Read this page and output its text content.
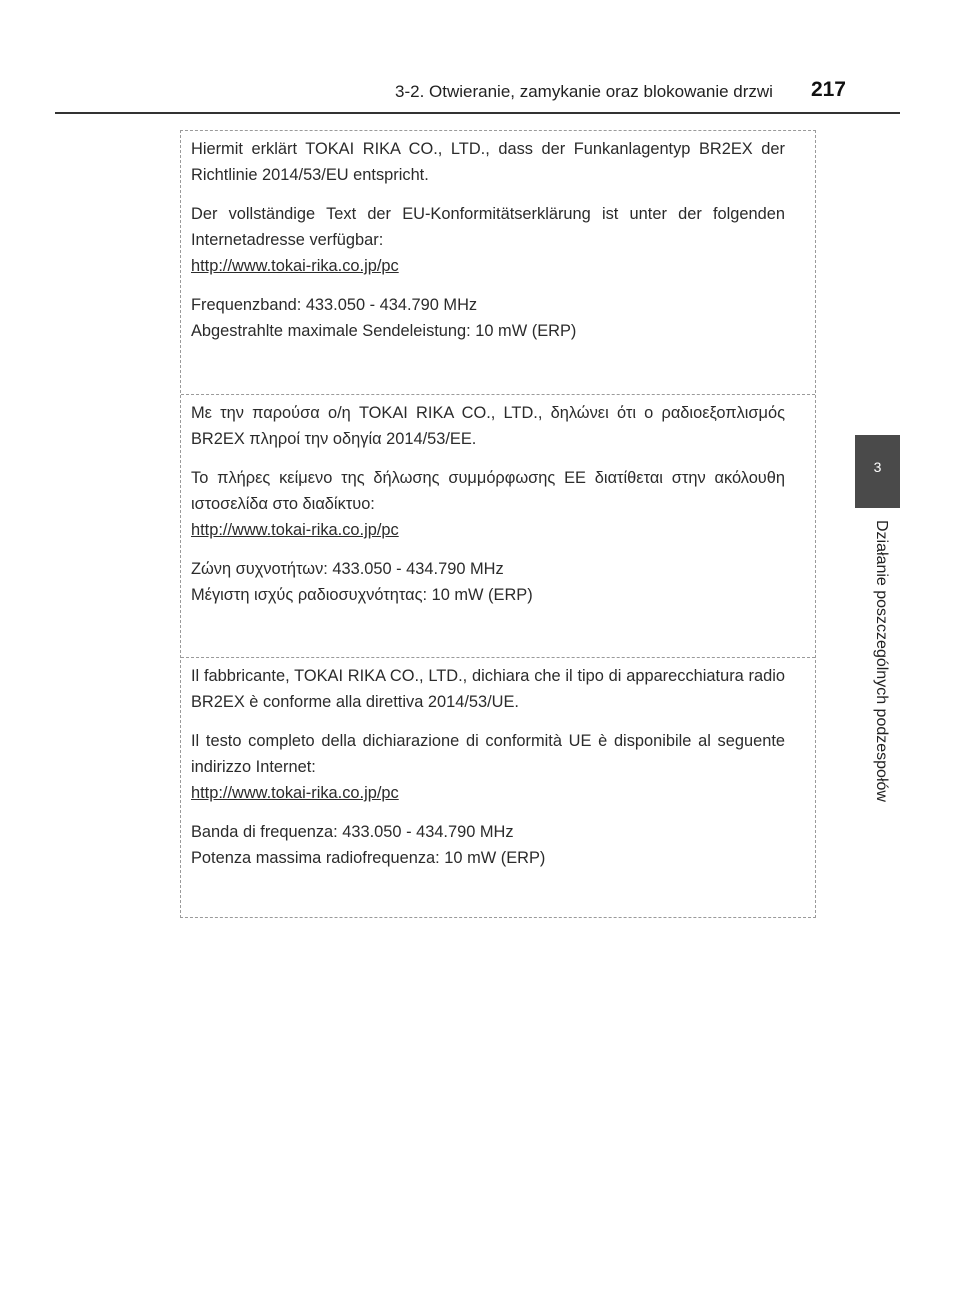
3-2. Otwieranie, zamykanie oraz blokowanie drzwi 217
3
Działanie poszczególnych podzespołów

Hiermit erklärt TOKAI RIKA CO., LTD., dass der Funkanlagentyp BR2EX der Richtlinie 2014/53/EU entspricht.

Der vollständige Text der EU-Konformitätserklärung ist unter der folgenden Internetadresse verfügbar:
http://www.tokai-rika.co.jp/pc

Frequenzband: 433.050 - 434.790 MHz

Abgestrahlte maximale Sendeleistung: 10 mW (ERP)

Με την παρούσα ο/η TOKAI RIKA CO., LTD., δηλώνει ότι ο ραδιοεξοπλισμός BR2EX πληροί την οδηγία 2014/53/ΕΕ.

Το πλήρες κείμενο της δήλωσης συμμόρφωσης ΕΕ διατίθεται στην ακόλουθη ιστοσελίδα στο διαδίκτυο:
http://www.tokai-rika.co.jp/pc

Ζώνη συχνοτήτων: 433.050 - 434.790 MHz

Μέγιστη ισχύς ραδιοσυχνότητας: 10 mW (ERP)

Il fabbricante, TOKAI RIKA CO., LTD., dichiara che il tipo di apparecchiatura radio BR2EX è conforme alla direttiva 2014/53/UE.

Il testo completo della dichiarazione di conformità UE è disponibile al seguente indirizzo Internet:
http://www.tokai-rika.co.jp/pc

Banda di frequenza: 433.050 - 434.790 MHz

Potenza massima radiofrequenza: 10 mW (ERP)
